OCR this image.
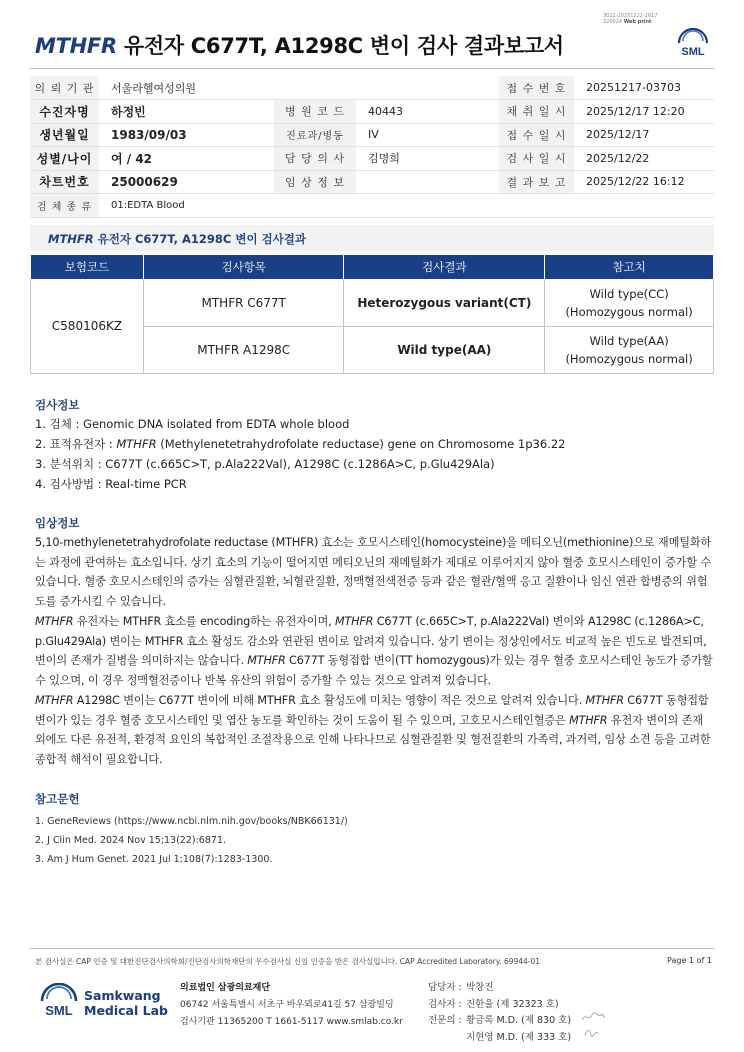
3022-20251222-1617
220024 Web print
MTHFR 유전자 C677T, A1298C 변이 검사 결과보고서	SML
의 뢰 기 관	서울라헬여성의원			접 수 번 호	20251217-03703
수진자명	하정빈	병 원 코 드	40443	채 취 일 시	2025/12/17 12:20
생년월일	1983/09/03	진료과/병동	IV	접 수 일 시	2025/12/17
성별/나이	여 / 42	담 당 의 사	김명희	검 사 일 시	2025/12/22
차트번호	25000629	임 상 정 보		결 과 보 고	2025/12/22 16:12
검 체 종 류	01:EDTA Blood				
MTHFR 유전자 C677T, A1298C 변이 검사결과
보험코드	검사항목	검사결과	참고치
C580106KZ	MTHFR C677T	Heterozygous variant(CT)	Wild type(CC)
(Homozygous normal)

	MTHFR A1298C	Wild type(AA)	Wild type(AA)
(Homozygous normal)
검사정보
1. 검체 : Genomic DNA isolated from EDTA whole blood
2. 표적유전자 : MTHFR (Methylenetetrahydrofolate reductase) gene on Chromosome 1p36.22
3. 분석위치 : C677T (c.665C>T, p.Ala222Val), A1298C (c.1286A>C, p.Glu429Ala)
4. 검사방법 : Real-time PCR
임상정보
5,10-methylenetetrahydrofolate reductase (MTHFR) 효소는 호모시스테인(homocysteine)을 메티오닌(methionine)으로 재메틸화하는 과정에 관여하는 효소입니다. 상기 효소의 기능이 떨어지면 메티오닌의 재메틸화가 제대로 이루어지지 않아 혈중 호모시스테인이 증가할 수 있습니다. 혈중 호모시스테인의 증가는 심혈관질환, 뇌혈관질환, 정맥혈전색전증 등과 같은 혈관/혈액 응고 질환이나 임신 연관 합병증의 위험도를 증가시킬 수 있습니다.
MTHFR 유전자는 MTHFR 효소를 encoding하는 유전자이며, MTHFR C677T (c.665C>T, p.Ala222Val) 변이와 A1298C (c.1286A>C, p.Glu429Ala) 변이는 MTHFR 효소 활성도 감소와 연관된 변이로 알려져 있습니다. 상기 변이는 정상인에서도 비교적 높은 빈도로 발견되며, 변이의 존재가 질병을 의미하지는 않습니다. MTHFR C677T 동형접합 변이(TT homozygous)가 있는 경우 혈중 호모시스테인 농도가 증가할 수 있으며, 이 경우 정맥혈전증이나 반복 유산의 위험이 증가할 수 있는 것으로 알려져 있습니다.
MTHFR A1298C 변이는 C677T 변이에 비해 MTHFR 효소 활성도에 미치는 영향이 적은 것으로 알려져 있습니다. MTHFR C677T 동형접합 변이가 있는 경우 혈중 호모시스테인 및 엽산 농도를 확인하는 것이 도움이 될 수 있으며, 고호모시스테인혈증은 MTHFR 유전자 변이의 존재 외에도 다른 유전적, 환경적 요인의 복합적인 조절작용으로 인해 나타나므로 심혈관질환 및 혈전질환의 가족력, 과거력, 임상 소견 등을 고려한 종합적 해석이 필요합니다.
참고문헌
1. GeneReviews (https://www.ncbi.nlm.nih.gov/books/NBK66131/)
2. J Clin Med. 2024 Nov 15;13(22):6871.
3. Am J Hum Genet. 2021 Jul 1;108(7):1283-1300.
본 검사실은 CAP 인증 및 대한진단검사의학회/진단검사의학재단의 우수검사실 신임 인증을 받은 검사실입니다. CAP Accredited Laboratory. 69944-01	Page 1 of 1
SML
Samkwang
Medical Lab
의료법인 삼광의료재단
06742 서울특별시 서초구 바우뫼로41길 57 삼광빌딩
검사기관 11365200 T 1661-5117 www.smlab.co.kr
담당자 : 박창진
검사자 : 진한울 (제 32323 호)
전문의 : 황금록 M.D. (제 830 호)
지현영 M.D. (제 333 호)
